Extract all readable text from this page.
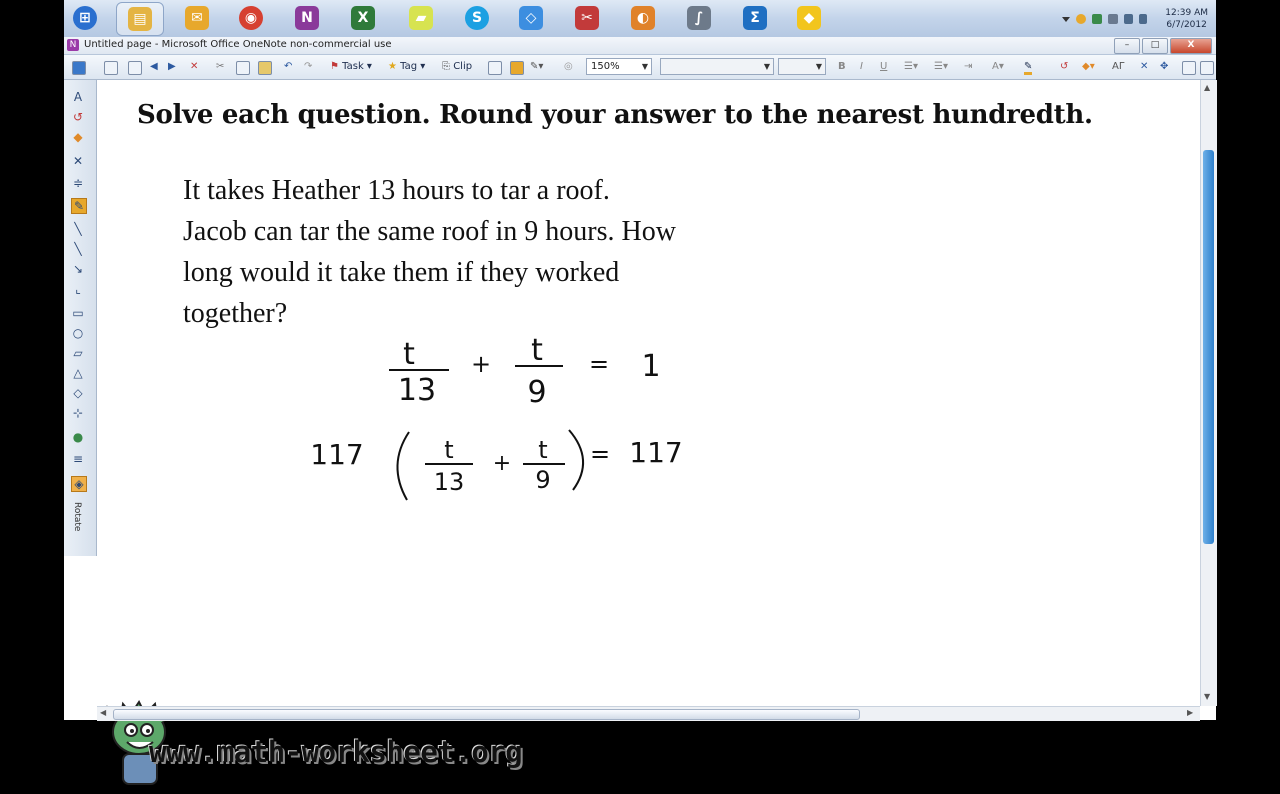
⊞	▤	✉	◉	N	X	▰	S	◇	✂	◐	∫	Σ	◆	12:39 AM
6/7/2012
N Untitled page - Microsoft Office OneNote non-commercial use	–	□	X
◀ ▶ ✕ ✂	↶ ↷ ⚑ Task ▾ ★ Tag ▾ ⎘ Clip	✎▾ ◎	150%	▼	▼	▼ B I U ☰▾ ☰▾ ⇥ A▾ ✎	↺ ◆▾ AΓ ✕ ✥
A
↺
◆
✕
≑
✎
╲
╲
↘
⌞
▭
○
▱
△
◇
⊹
●
≡
◈
Rotate
Solve each question. Round your answer to the nearest hundredth.
It takes Heather 13 hours to tar a roof.
Jacob can tar the same roof in 9 hours. How
long would it take them if they worked
together?
t
13
+ t
9
= 1
117	t
13
+ t
9
= 117
www.math-worksheet.org
▲
▼
◀	▶
